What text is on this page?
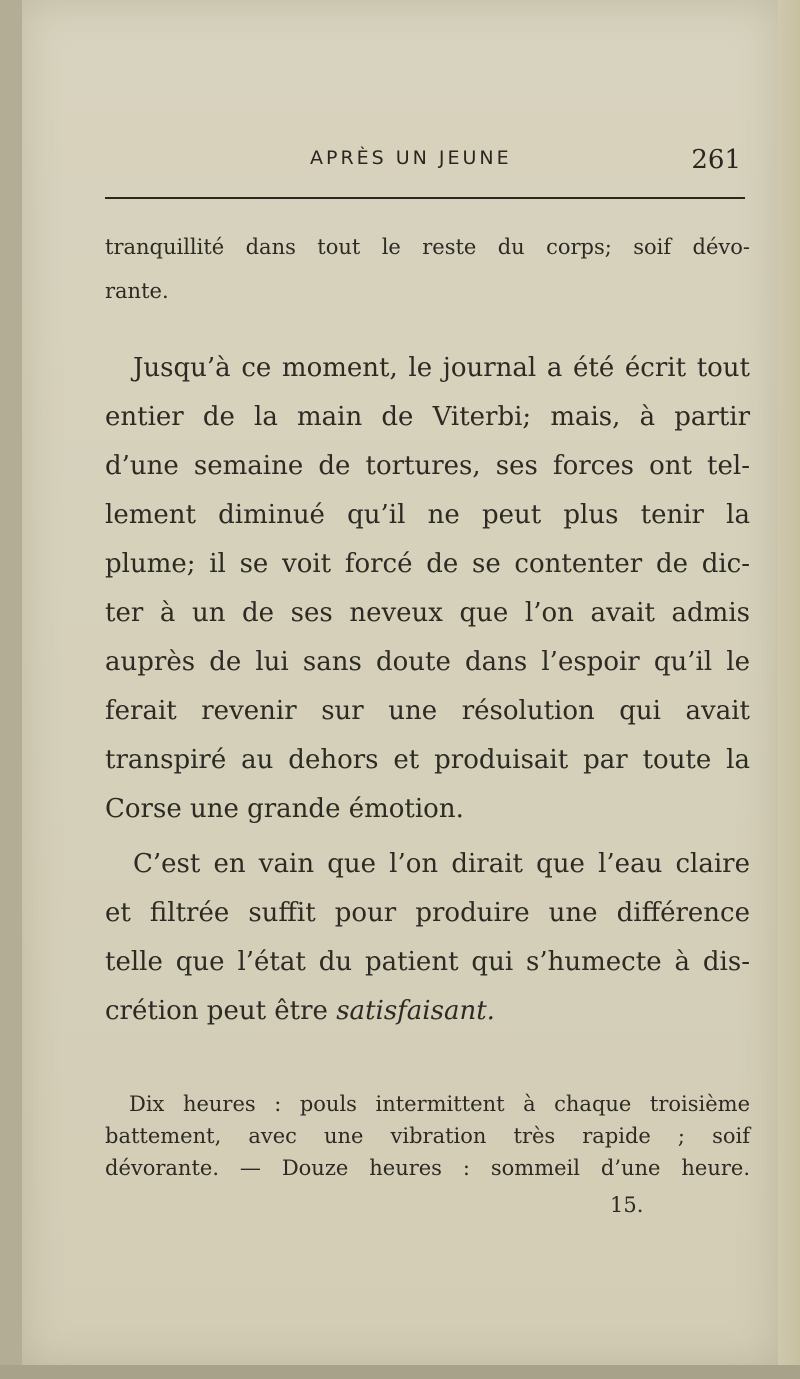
APRÈS UN JEUNE	261
tranquillité dans tout le reste du corps; soif dévo-
rante.
Jusqu’à ce moment, le journal a été écrit tout
entier de la main de Viterbi; mais, à partir
d’une semaine de tortures, ses forces ont tel-
lement diminué qu’il ne peut plus tenir la
plume; il se voit forcé de se contenter de dic-
ter à un de ses neveux que l’on avait admis
auprès de lui sans doute dans l’espoir qu’il le
ferait revenir sur une résolution qui avait
transpiré au dehors et produisait par toute la
Corse une grande émotion.
C’est en vain que l’on dirait que l’eau claire
et filtrée suffit pour produire une différence
telle que l’état du patient qui s’humecte à dis-
crétion peut être satisfaisant.
Dix heures : pouls intermittent à chaque troisième
battement, avec une vibration très rapide ; soif
dévorante. — Douze heures : sommeil d’une heure.
15.
